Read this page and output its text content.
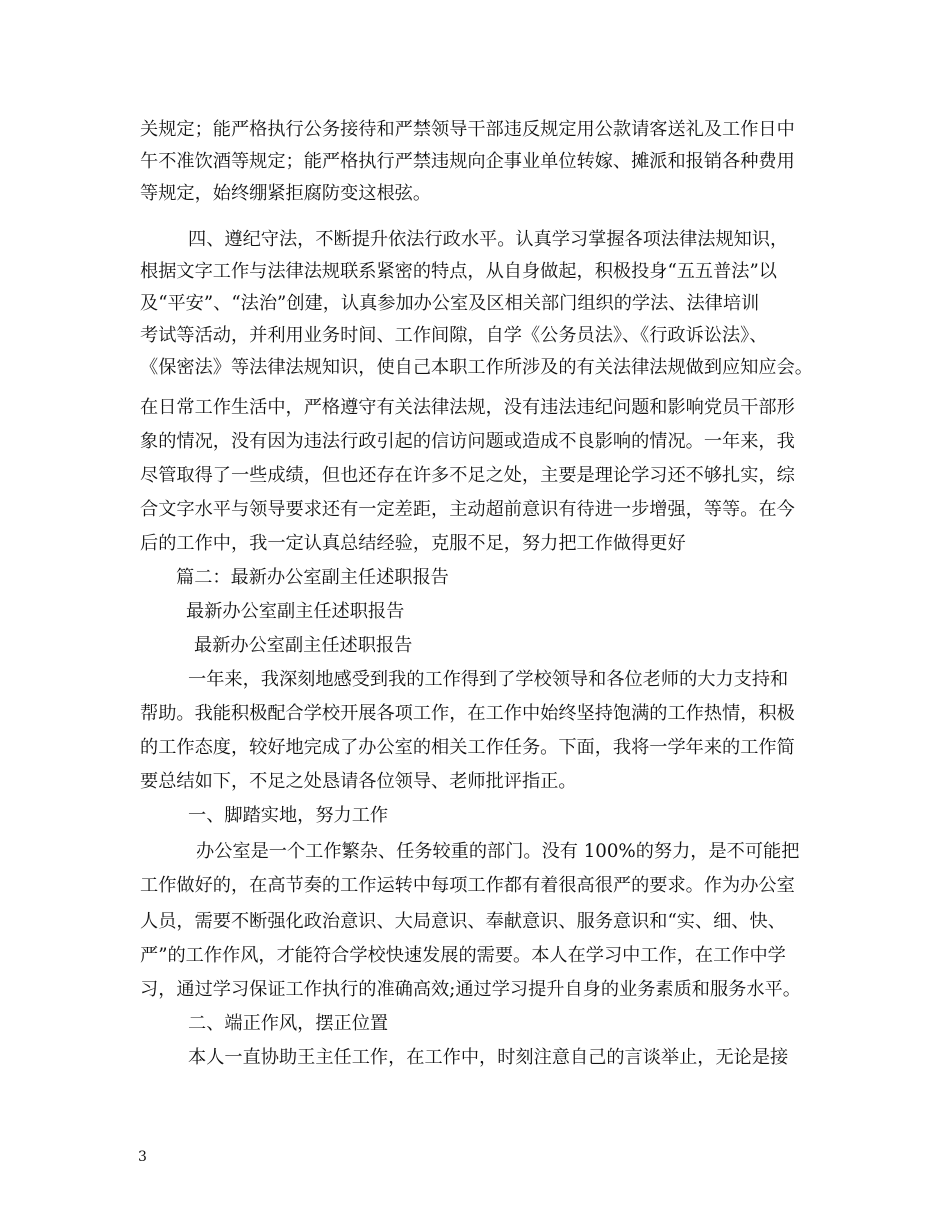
关规定；能严格执行公务接待和严禁领导干部违反规定用公款请客送礼及工作日中
午不准饮酒等规定；能严格执行严禁违规向企事业单位转嫁、摊派和报销各种费用
等规定，始终绷紧拒腐防变这根弦。
四、遵纪守法，不断提升依法行政水平。认真学习掌握各项法律法规知识，
根据文字工作与法律法规联系紧密的特点，从自身做起，积极投身“五五普法”以
及“平安”、“法治”创建，认真参加办公室及区相关部门组织的学法、法律培训
考试等活动，并利用业务时间、工作间隙，自学《公务员法》、《行政诉讼法》、
《保密法》等法律法规知识，使自己本职工作所涉及的有关法律法规做到应知应会。
在日常工作生活中，严格遵守有关法律法规，没有违法违纪问题和影响党员干部形
象的情况，没有因为违法行政引起的信访问题或造成不良影响的情况。一年来，我
尽管取得了一些成绩，但也还存在许多不足之处，主要是理论学习还不够扎实，综
合文字水平与领导要求还有一定差距，主动超前意识有待进一步增强，等等。在今
后的工作中，我一定认真总结经验，克服不足，努力把工作做得更好
篇二：最新办公室副主任述职报告
最新办公室副主任述职报告
最新办公室副主任述职报告
一年来，我深刻地感受到我的工作得到了学校领导和各位老师的大力支持和
帮助。我能积极配合学校开展各项工作，在工作中始终坚持饱满的工作热情，积极
的工作态度，较好地完成了办公室的相关工作任务。下面，我将一学年来的工作简
要总结如下，不足之处恳请各位领导、老师批评指正。
一、脚踏实地，努力工作
办公室是一个工作繁杂、任务较重的部门。没有 100%的努力，是不可能把
工作做好的，在高节奏的工作运转中每项工作都有着很高很严的要求。作为办公室
人员，需要不断强化政治意识、大局意识、奉献意识、服务意识和“实、细、快、
严”的工作作风，才能符合学校快速发展的需要。本人在学习中工作，在工作中学
习，通过学习保证工作执行的准确高效;通过学习提升自身的业务素质和服务水平。
二、端正作风，摆正位置
本人一直协助王主任工作，在工作中，时刻注意自己的言谈举止，无论是接
3
